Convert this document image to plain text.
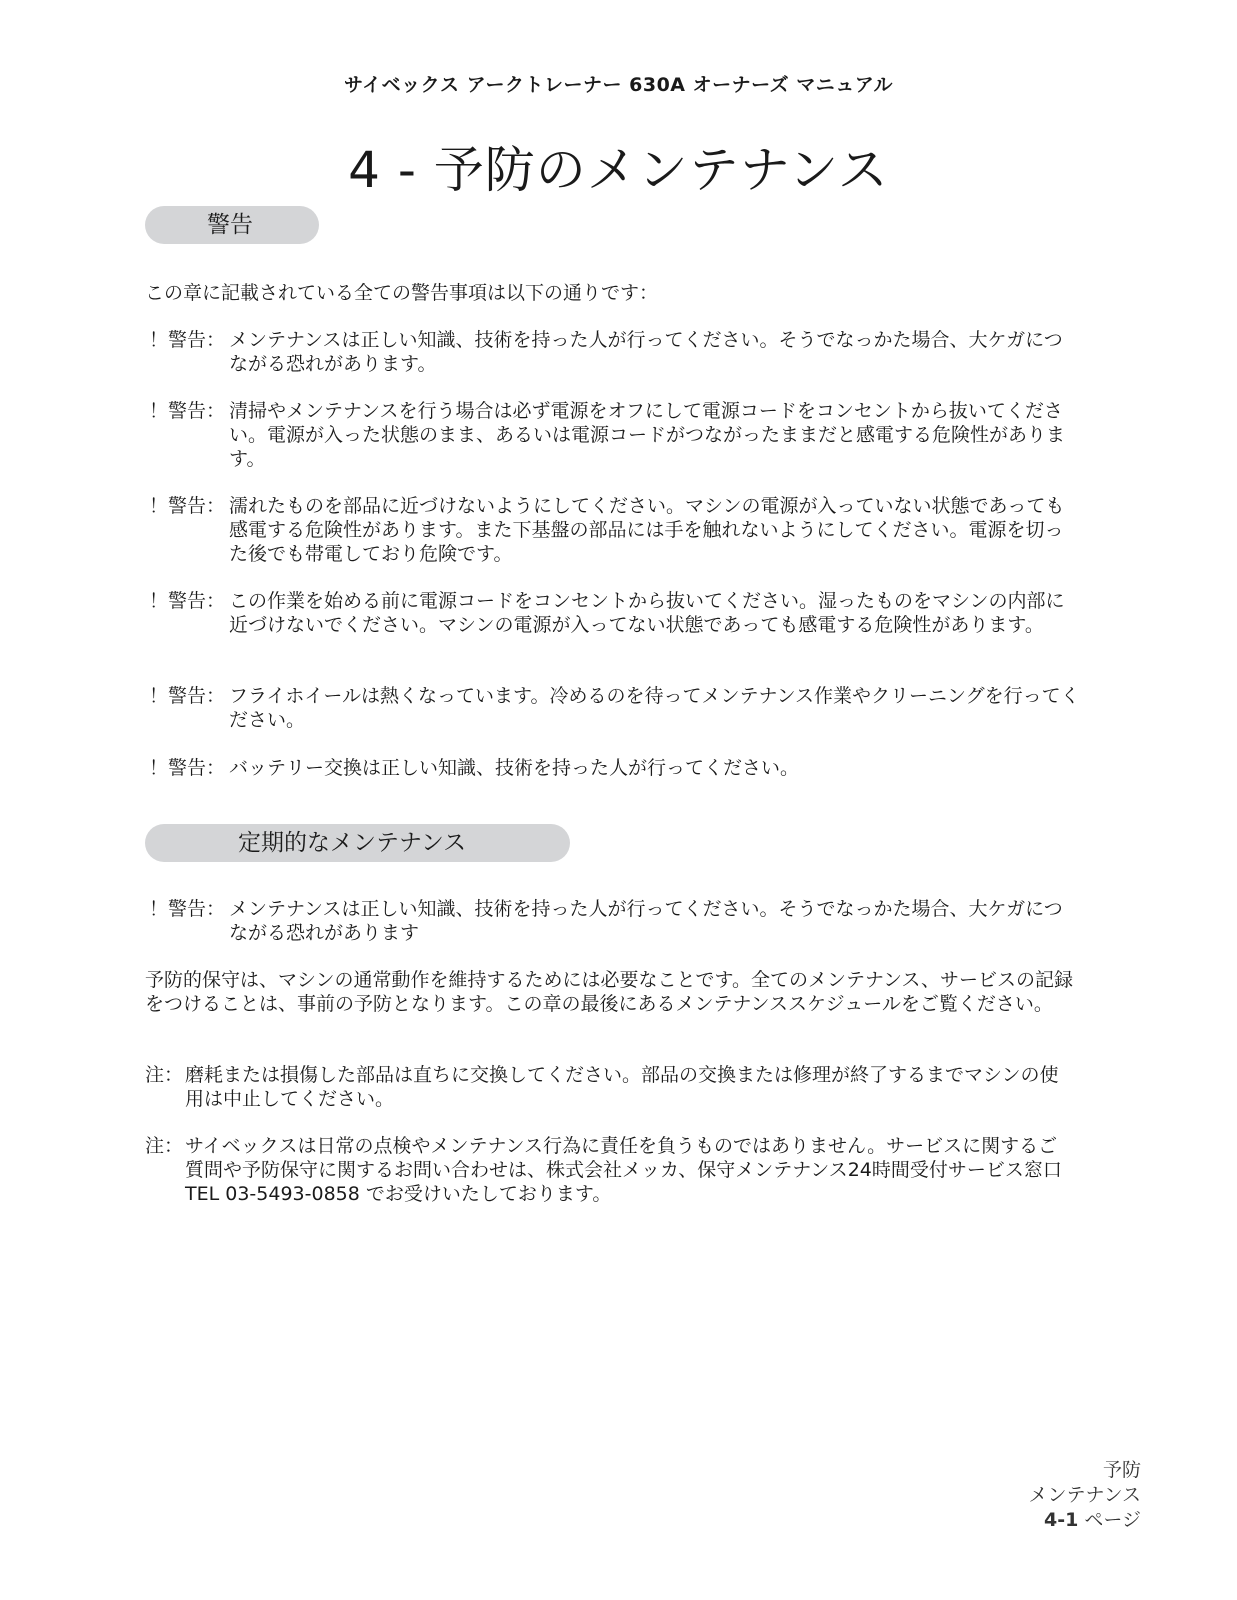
サイベックス アークトレーナー 630A オーナーズ マニュアル
4 - 予防のメンテナンス
警告
この章に記載されている全ての警告事項は以下の通りです：
！警告： メンテナンスは正しい知識、技術を持った人が行ってください。そうでなっかた場合、大ケガにつながる恐れがあります。
！警告： 清掃やメンテナンスを行う場合は必ず電源をオフにして電源コードをコンセントから抜いてください。電源が入った状態のまま、あるいは電源コードがつながったままだと感電する危険性があります。
！警告： 濡れたものを部品に近づけないようにしてください。マシンの電源が入っていない状態であっても感電する危険性があります。また下基盤の部品には手を触れないようにしてください。電源を切った後でも帯電しており危険です。
！警告： この作業を始める前に電源コードをコンセントから抜いてください。湿ったものをマシンの内部に近づけないでください。マシンの電源が入ってない状態であっても感電する危険性があります。
！警告： フライホイールは熱くなっています。冷めるのを待ってメンテナンス作業やクリーニングを行ってください。
！警告： バッテリー交換は正しい知識、技術を持った人が行ってください。
定期的なメンテナンス
！警告： メンテナンスは正しい知識、技術を持った人が行ってください。そうでなっかた場合、大ケガにつながる恐れがあります
予防的保守は、マシンの通常動作を維持するためには必要なことです。全てのメンテナンス、サービスの記録をつけることは、事前の予防となります。この章の最後にあるメンテナンススケジュールをご覧ください。
注： 磨耗または損傷した部品は直ちに交換してください。部品の交換または修理が終了するまでマシンの使用は中止してください。
注： サイベックスは日常の点検やメンテナンス行為に責任を負うものではありません。サービスに関するご質問や予防保守に関するお問い合わせは、株式会社メッカ、保守メンテナンス24時間受付サービス窓口 TEL 03-5493-0858 でお受けいたしております。
予防
メンテナンス
4-1 ページ
